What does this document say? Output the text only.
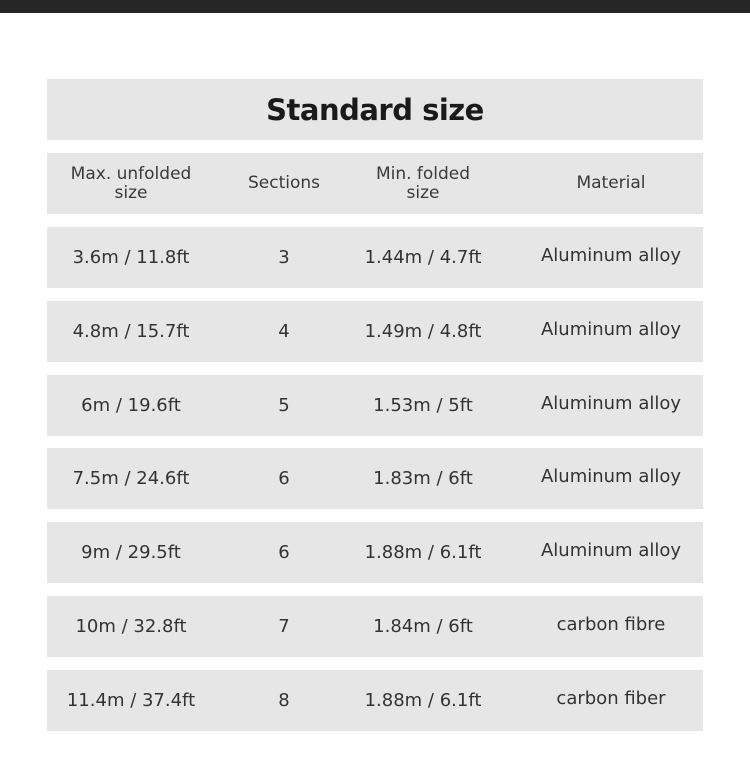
Standard size
Max. unfolded size	Sections	Min. folded size	Material
3.6m / 11.8ft	3	1.44m / 4.7ft	Aluminum alloy
4.8m / 15.7ft	4	1.49m / 4.8ft	Aluminum alloy
6m / 19.6ft	5	1.53m / 5ft	Aluminum alloy
7.5m / 24.6ft	6	1.83m / 6ft	Aluminum alloy
9m / 29.5ft	6	1.88m / 6.1ft	Aluminum alloy
10m / 32.8ft	7	1.84m / 6ft	carbon fibre
11.4m / 37.4ft	8	1.88m / 6.1ft	carbon fiber
